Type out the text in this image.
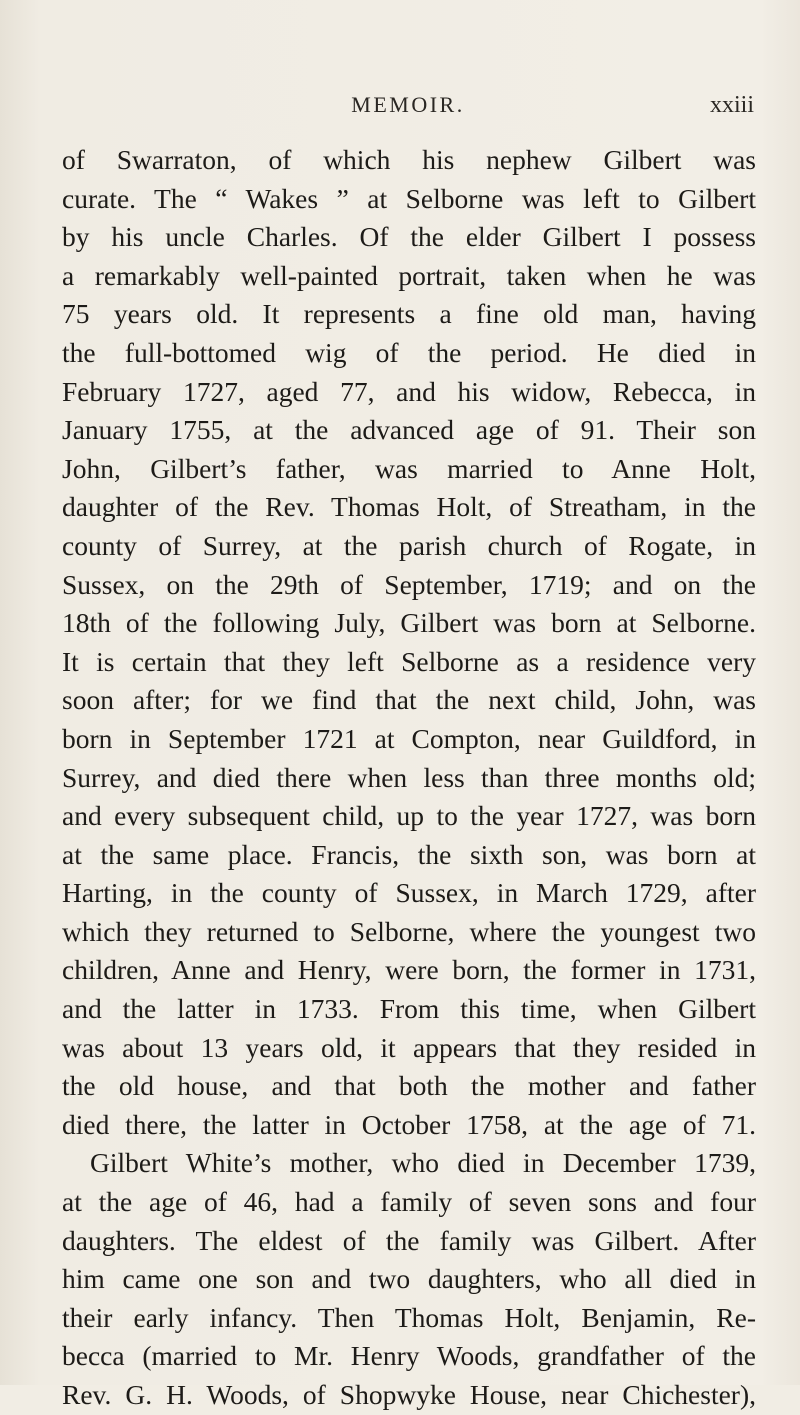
MEMOIR.	xxiii
of Swarraton, of which his nephew Gilbert was
curate. The “ Wakes ” at Selborne was left to Gilbert
by his uncle Charles. Of the elder Gilbert I possess
a remarkably well-painted portrait, taken when he was
75 years old. It represents a fine old man, having
the full-bottomed wig of the period. He died in
February 1727, aged 77, and his widow, Rebecca, in
January 1755, at the advanced age of 91. Their son
John, Gilbert’s father, was married to Anne Holt,
daughter of the Rev. Thomas Holt, of Streatham, in the
county of Surrey, at the parish church of Rogate, in
Sussex, on the 29th of September, 1719; and on the
18th of the following July, Gilbert was born at Selborne.
It is certain that they left Selborne as a residence very
soon after; for we find that the next child, John, was
born in September 1721 at Compton, near Guildford, in
Surrey, and died there when less than three months old;
and every subsequent child, up to the year 1727, was born
at the same place. Francis, the sixth son, was born at
Harting, in the county of Sussex, in March 1729, after
which they returned to Selborne, where the youngest two
children, Anne and Henry, were born, the former in 1731,
and the latter in 1733. From this time, when Gilbert
was about 13 years old, it appears that they resided in
the old house, and that both the mother and father
died there, the latter in October 1758, at the age of 71.
Gilbert White’s mother, who died in December 1739,
at the age of 46, had a family of seven sons and four
daughters. The eldest of the family was Gilbert. After
him came one son and two daughters, who all died in
their early infancy. Then Thomas Holt, Benjamin, Re-
becca (married to Mr. Henry Woods, grandfather of the
Rev. G. H. Woods, of Shopwyke House, near Chichester),
